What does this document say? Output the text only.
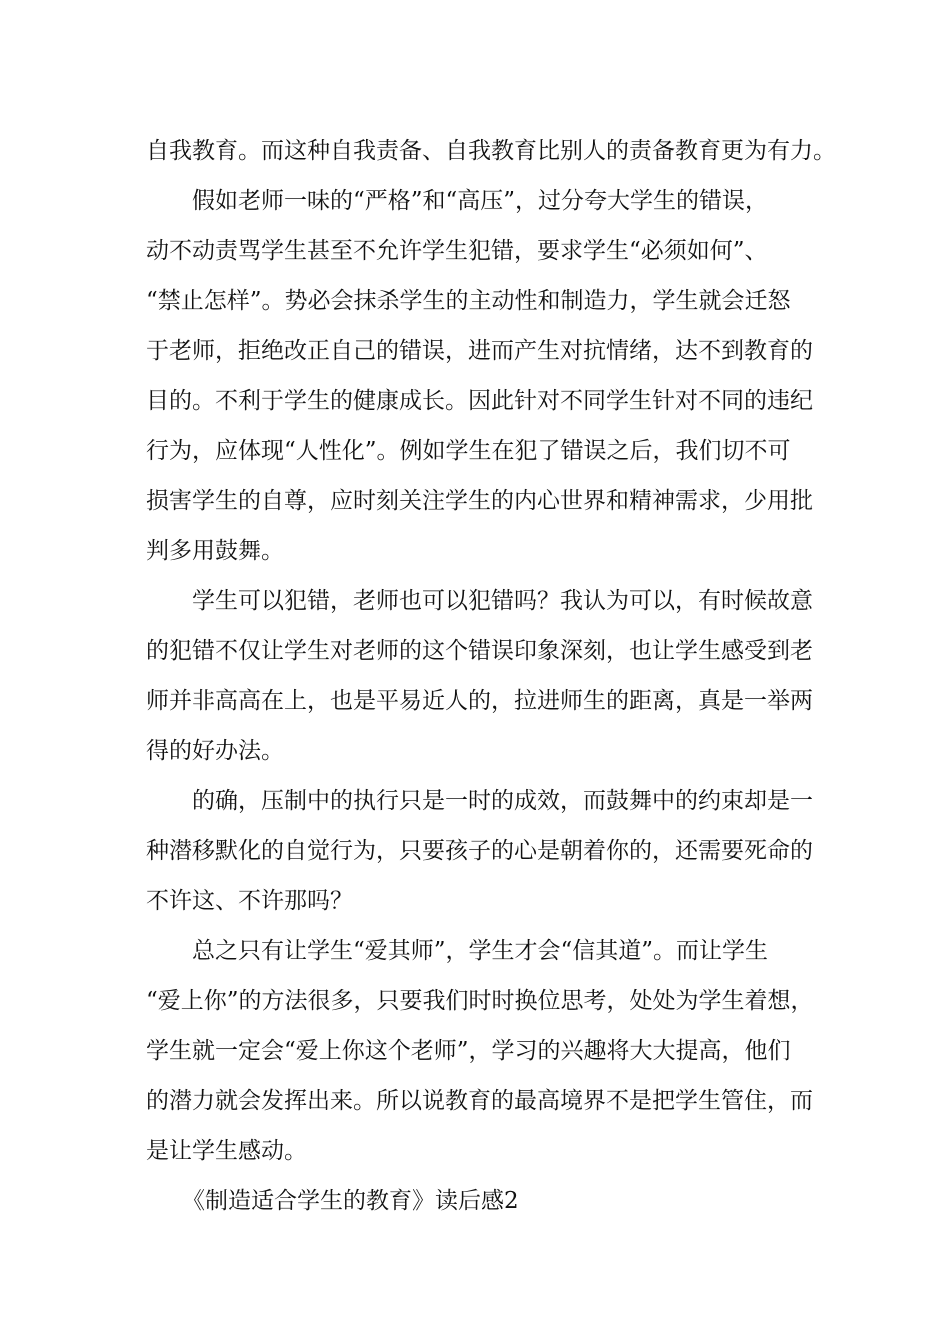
自我教育。而这种自我责备、自我教育比别人的责备教育更为有力。
假如老师一味的“严格”和“高压”，过分夸大学生的错误，
动不动责骂学生甚至不允许学生犯错，要求学生“必须如何”、
“禁止怎样”。势必会抹杀学生的主动性和制造力，学生就会迁怒
于老师，拒绝改正自己的错误，进而产生对抗情绪，达不到教育的
目的。不利于学生的健康成长。因此针对不同学生针对不同的违纪
行为，应体现“人性化”。例如学生在犯了错误之后，我们切不可
损害学生的自尊，应时刻关注学生的内心世界和精神需求，少用批
判多用鼓舞。
学生可以犯错，老师也可以犯错吗？我认为可以，有时候故意
的犯错不仅让学生对老师的这个错误印象深刻，也让学生感受到老
师并非高高在上，也是平易近人的，拉进师生的距离，真是一举两
得的好办法。
的确，压制中的执行只是一时的成效，而鼓舞中的约束却是一
种潜移默化的自觉行为，只要孩子的心是朝着你的，还需要死命的
不许这、不许那吗？
总之只有让学生“爱其师”，学生才会“信其道”。而让学生
“爱上你”的方法很多，只要我们时时换位思考，处处为学生着想，
学生就一定会“爱上你这个老师”，学习的兴趣将大大提高，他们
的潜力就会发挥出来。所以说教育的最高境界不是把学生管住，而
是让学生感动。
《制造适合学生的教育》读后感2
